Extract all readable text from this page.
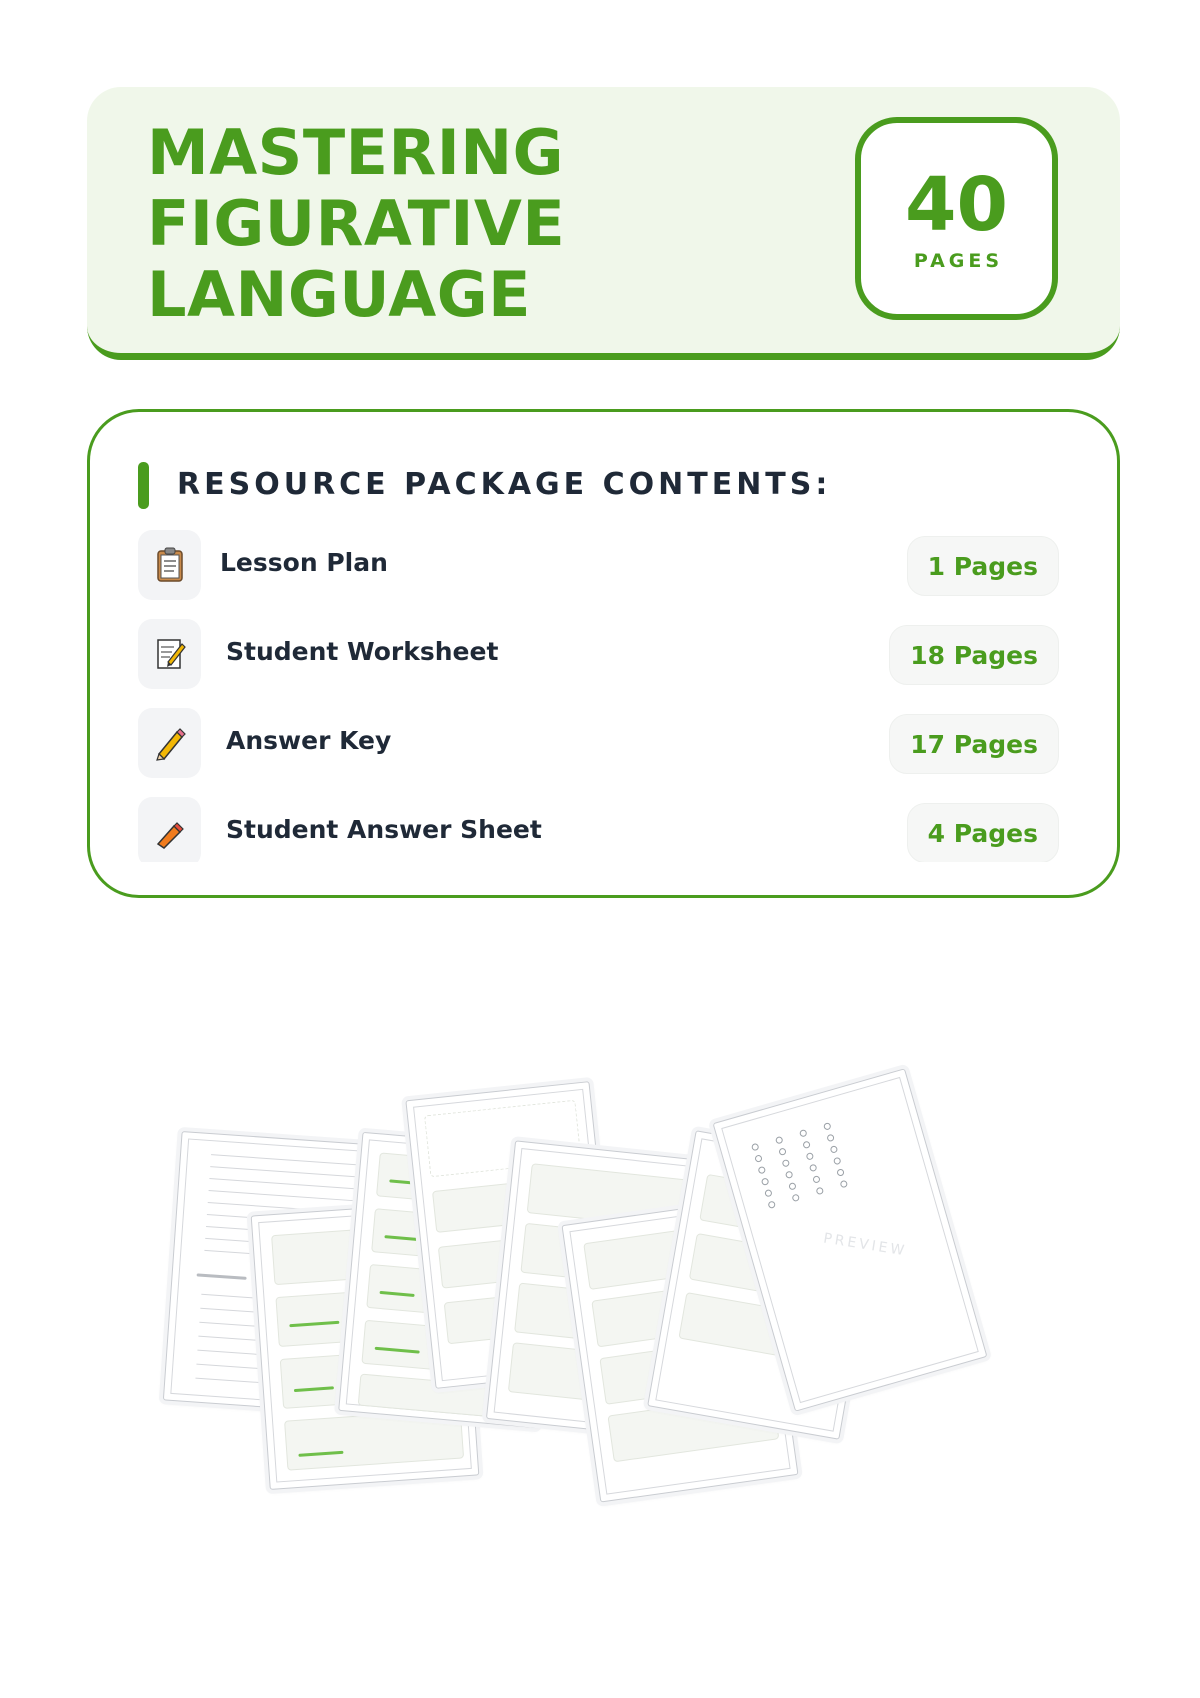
MASTERING
FIGURATIVE
LANGUAGE
40
PAGES
RESOURCE PACKAGE CONTENTS:
Lesson Plan	1 Pages
Student Worksheet	18 Pages
Answer Key	17 Pages
Student Answer Sheet	4 Pages
PREVIEW
